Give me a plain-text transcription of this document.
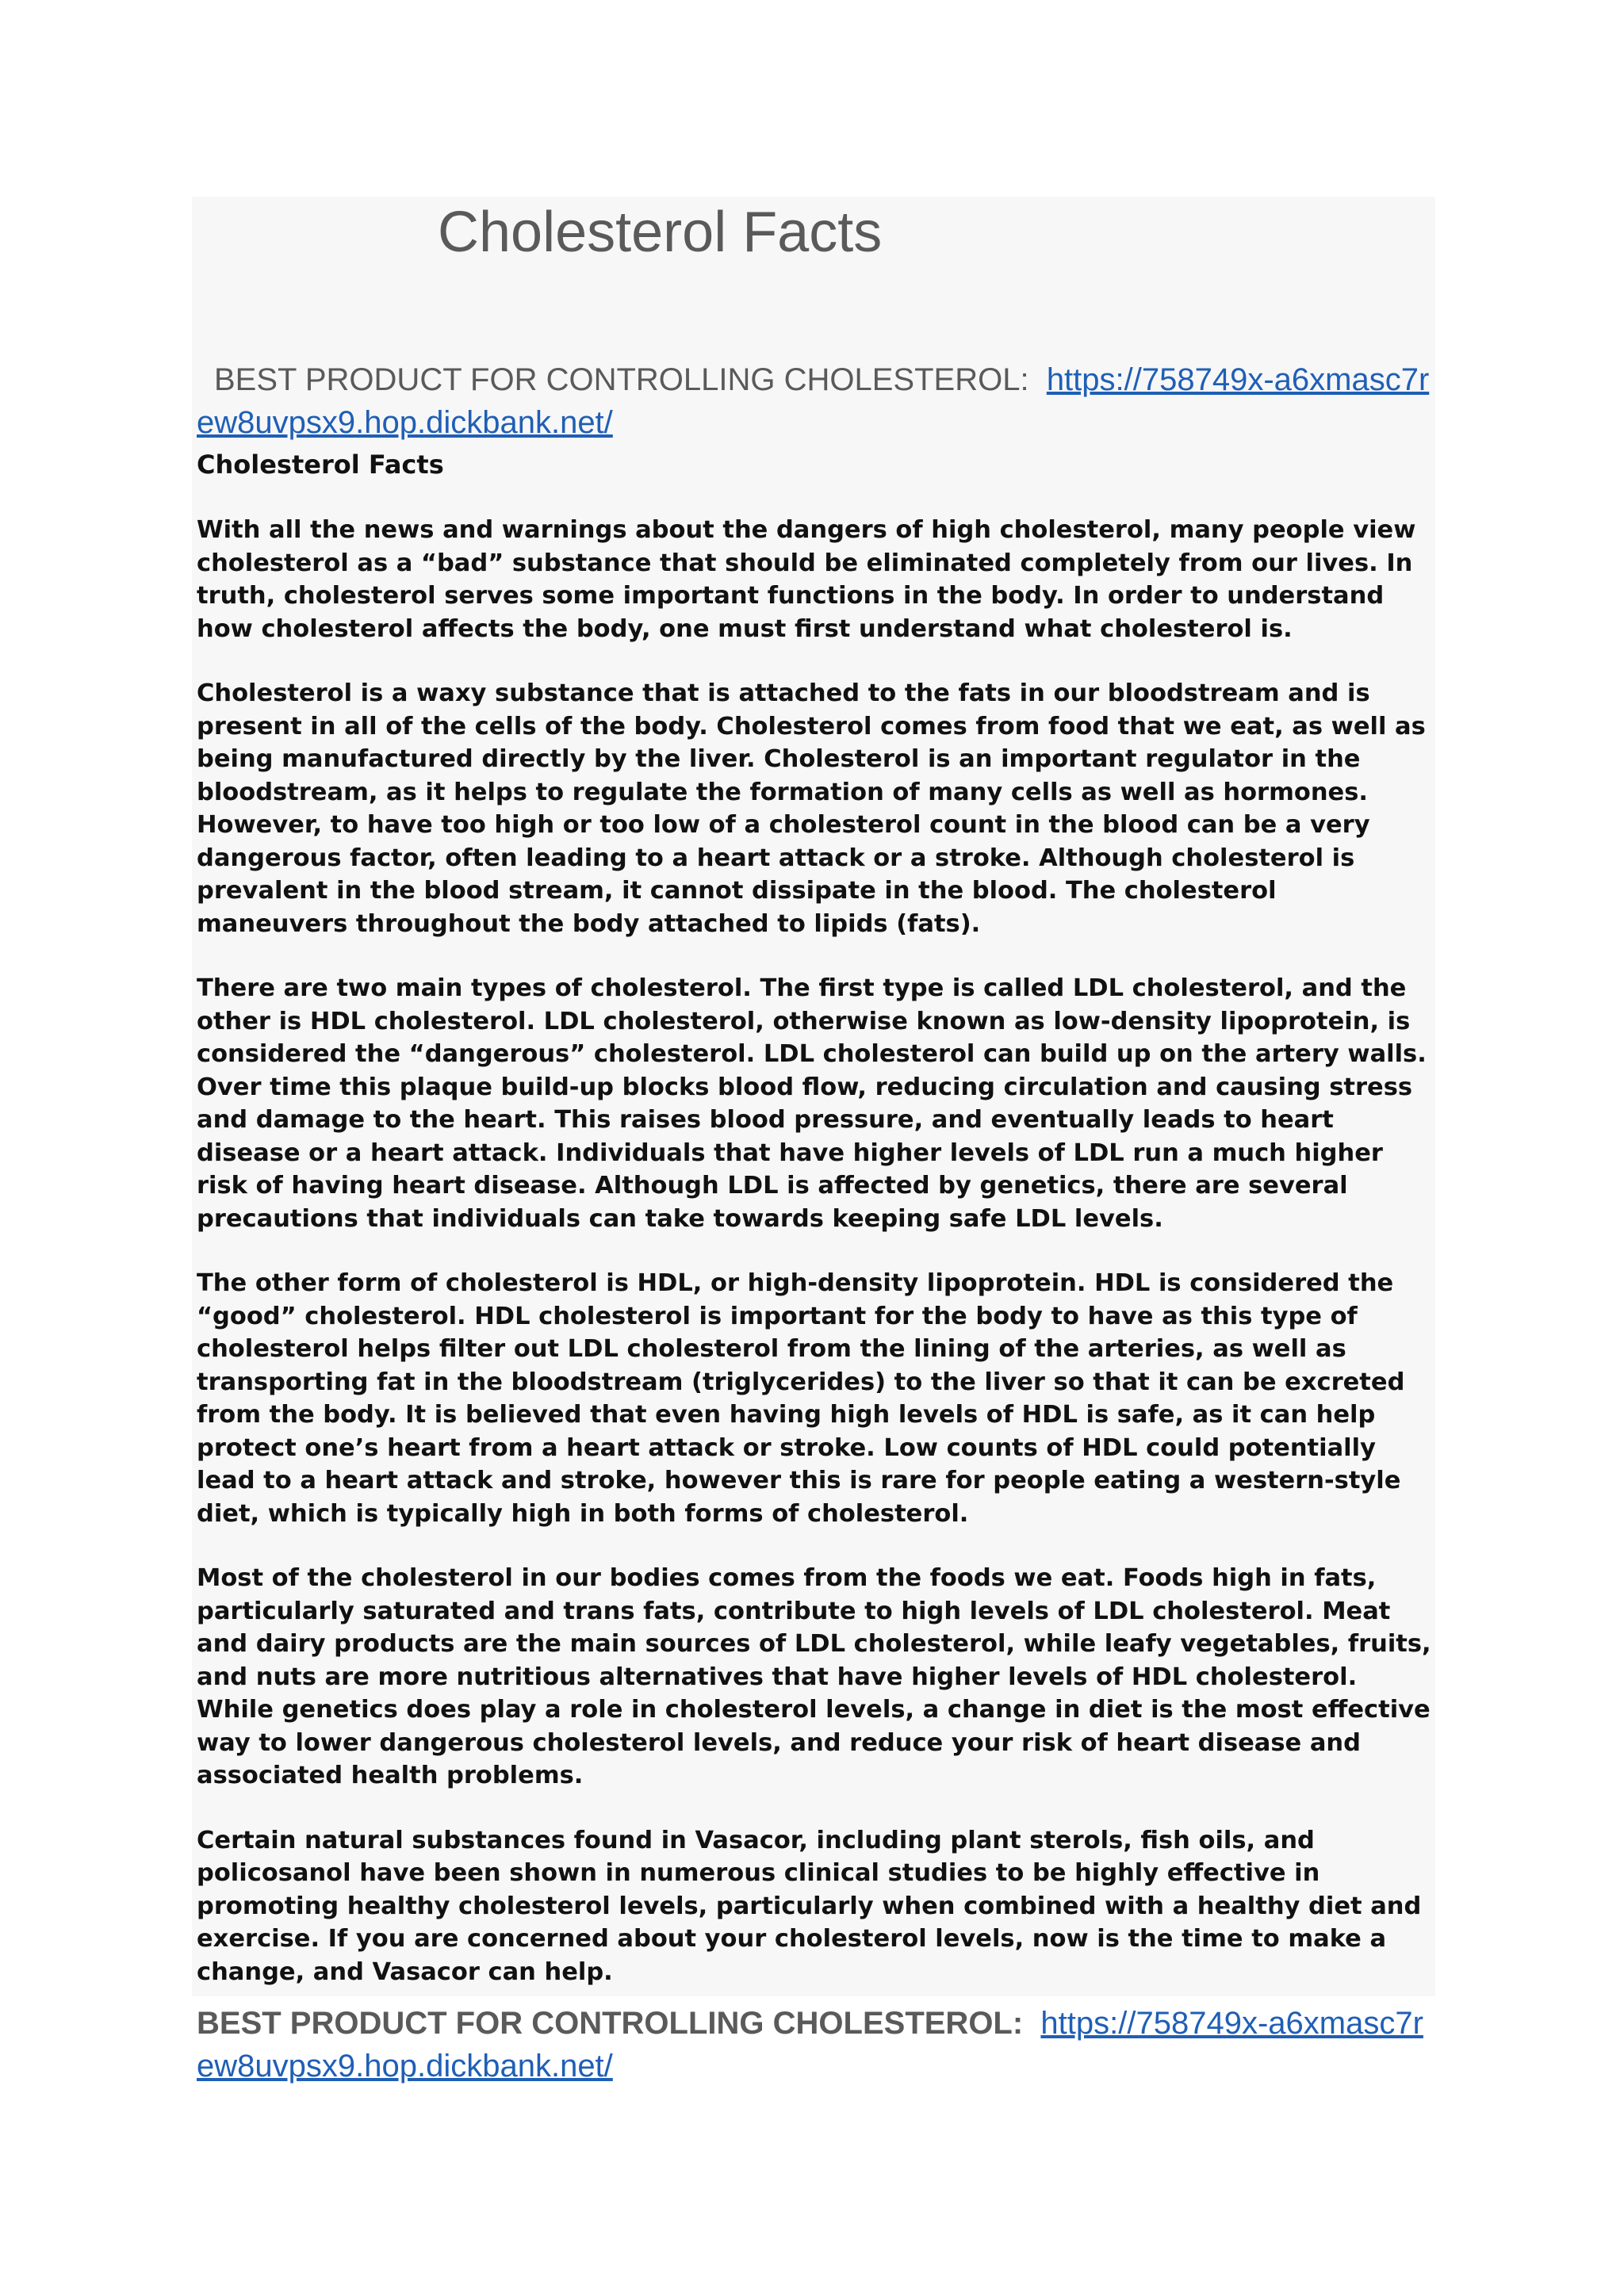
Cholesterol Facts
BEST PRODUCT FOR CONTROLLING CHOLESTEROL: https://758749x-a6xmasc7rew8uvpsx9.hop.dickbank.net/

Cholesterol Facts

With all the news and warnings about the dangers of high cholesterol, many people view cholesterol as a “bad” substance that should be eliminated completely from our lives. In truth, cholesterol serves some important functions in the body. In order to understand how cholesterol affects the body, one must first understand what cholesterol is.

Cholesterol is a waxy substance that is attached to the fats in our bloodstream and is present in all of the cells of the body. Cholesterol comes from food that we eat, as well as being manufactured directly by the liver. Cholesterol is an important regulator in the bloodstream, as it helps to regulate the formation of many cells as well as hormones. However, to have too high or too low of a cholesterol count in the blood can be a very dangerous factor, often leading to a heart attack or a stroke. Although cholesterol is prevalent in the blood stream, it cannot dissipate in the blood. The cholesterol maneuvers throughout the body attached to lipids (fats).

There are two main types of cholesterol. The first type is called LDL cholesterol, and the other is HDL cholesterol. LDL cholesterol, otherwise known as low-density lipoprotein, is considered the “dangerous” cholesterol. LDL cholesterol can build up on the artery walls. Over time this plaque build-up blocks blood flow, reducing circulation and causing stress and damage to the heart. This raises blood pressure, and eventually leads to heart disease or a heart attack. Individuals that have higher levels of LDL run a much higher risk of having heart disease. Although LDL is affected by genetics, there are several precautions that individuals can take towards keeping safe LDL levels.

The other form of cholesterol is HDL, or high-density lipoprotein. HDL is considered the “good” cholesterol. HDL cholesterol is important for the body to have as this type of cholesterol helps filter out LDL cholesterol from the lining of the arteries, as well as transporting fat in the bloodstream (triglycerides) to the liver so that it can be excreted from the body. It is believed that even having high levels of HDL is safe, as it can help protect one’s heart from a heart attack or stroke. Low counts of HDL could potentially lead to a heart attack and stroke, however this is rare for people eating a western-style diet, which is typically high in both forms of cholesterol.

Most of the cholesterol in our bodies comes from the foods we eat. Foods high in fats, particularly saturated and trans fats, contribute to high levels of LDL cholesterol. Meat and dairy products are the main sources of LDL cholesterol, while leafy vegetables, fruits, and nuts are more nutritious alternatives that have higher levels of HDL cholesterol. While genetics does play a role in cholesterol levels, a change in diet is the most effective way to lower dangerous cholesterol levels, and reduce your risk of heart disease and associated health problems.

Certain natural substances found in Vasacor, including plant sterols, fish oils, and policosanol have been shown in numerous clinical studies to be highly effective in promoting healthy cholesterol levels, particularly when combined with a healthy diet and exercise. If you are concerned about your cholesterol levels, now is the time to make a change, and Vasacor can help.

BEST PRODUCT FOR CONTROLLING CHOLESTEROL: https://758749x-a6xmasc7rew8uvpsx9.hop.dickbank.net/
